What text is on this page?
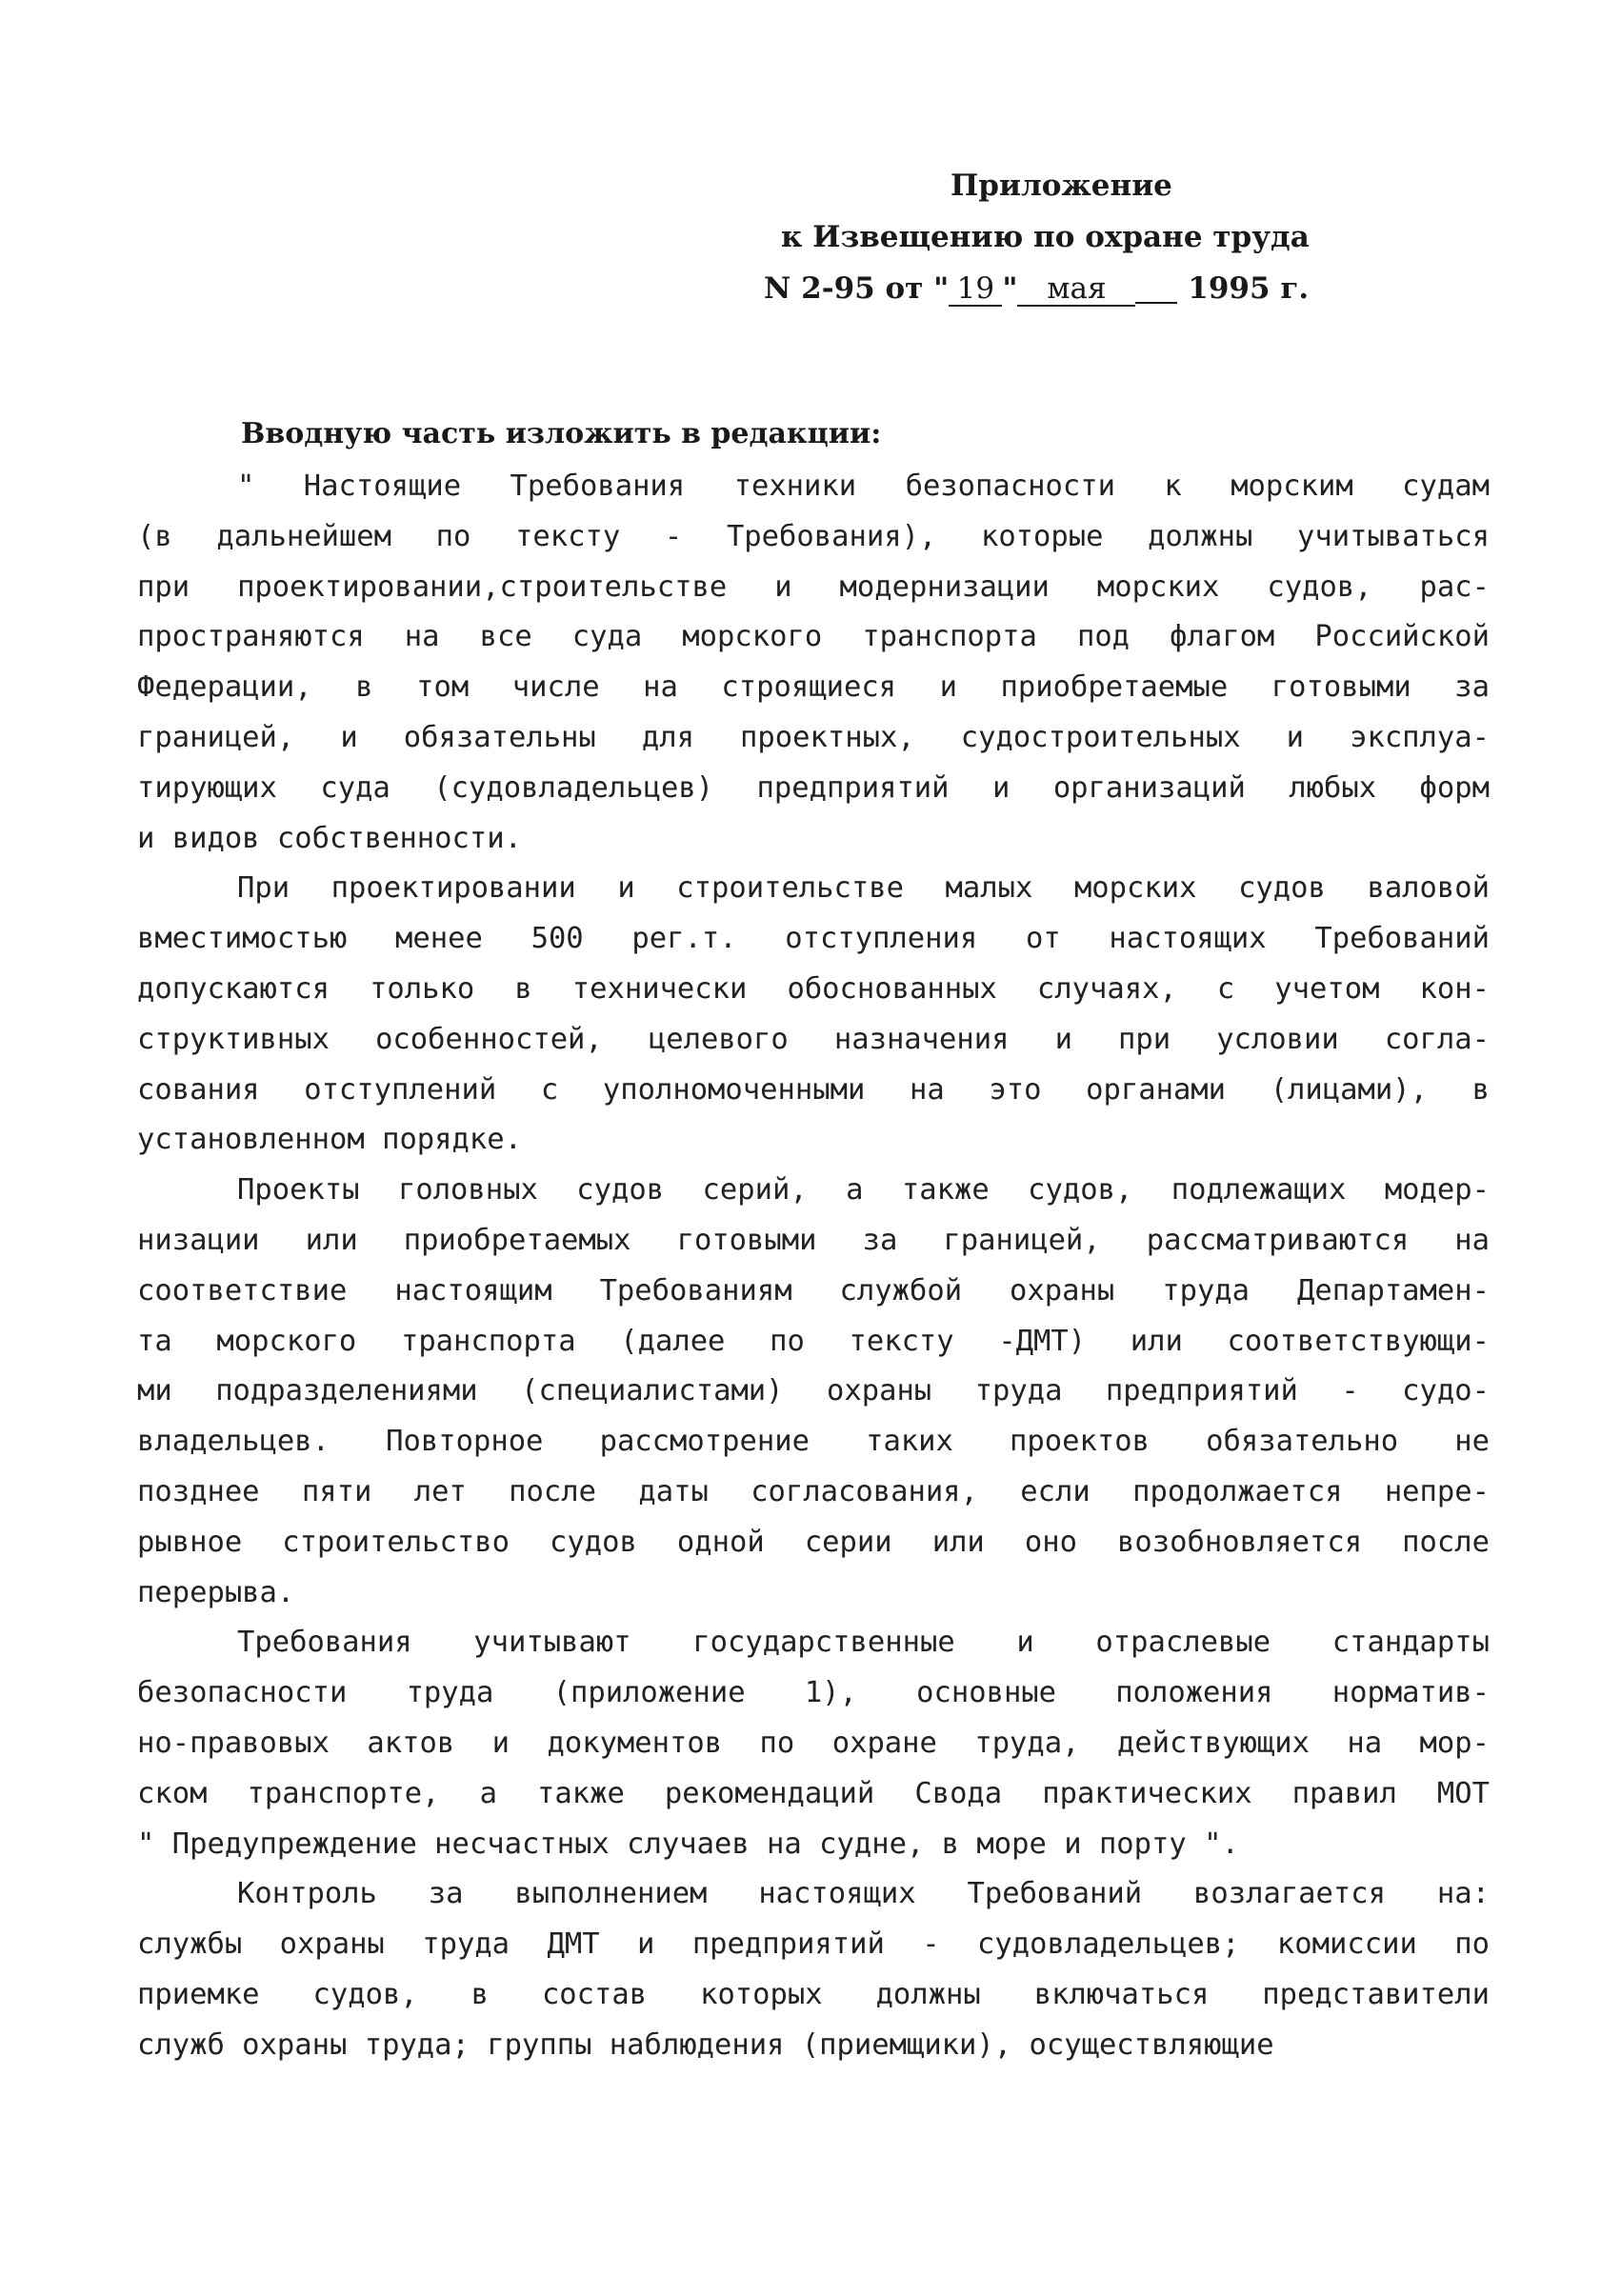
Приложение
к Извещению по охране труда
N 2-95 от " 19 " мая	1995 г.
Вводную часть изложить в редакции:

" Настоящие Требования техники безопасности к морским судам
(в дальнейшем по тексту - Требования), которые должны учитываться
при проектировании,строительстве и модернизации морских судов, рас-
пространяются на все суда морского транспорта под флагом Российской
Федерации, в том числе на строящиеся и приобретаемые готовыми за
границей, и обязательны для проектных, судостроительных и эксплуа-
тирующих суда (судовладельцев) предприятий и организаций любых форм
и видов собственности.

При проектировании и строительстве малых морских судов валовой
вместимостью менее 500 рег.т. отступления от настоящих Требований
допускаются только в технически обоснованных случаях, с учетом кон-
структивных особенностей, целевого назначения и при условии согла-
сования отступлений с уполномоченными на это органами (лицами), в
установленном порядке.

Проекты головных судов серий, а также судов, подлежащих модер-
низации или приобретаемых готовыми за границей, рассматриваются на
соответствие настоящим Требованиям службой охраны труда Департамен-
та морского транспорта (далее по тексту -ДМТ) или соответствующи-
ми подразделениями (специалистами) охраны труда предприятий - судо-
владельцев. Повторное рассмотрение таких проектов обязательно не
позднее пяти лет после даты согласования, если продолжается непре-
рывное строительство судов одной серии или оно возобновляется после
перерыва.

Требования учитывают государственные и отраслевые стандарты
безопасности труда (приложение 1), основные положения норматив-
но-правовых актов и документов по охране труда, действующих на мор-
ском транспорте, а также рекомендаций Свода практических правил МОТ
" Предупреждение несчастных случаев на судне, в море и порту ".

Контроль за выполнением настоящих Требований возлагается на:
службы охраны труда ДМТ и предприятий - судовладельцев; комиссии по
приемке судов, в состав которых должны включаться представители
служб охраны труда; группы наблюдения (приемщики), осуществляющие
